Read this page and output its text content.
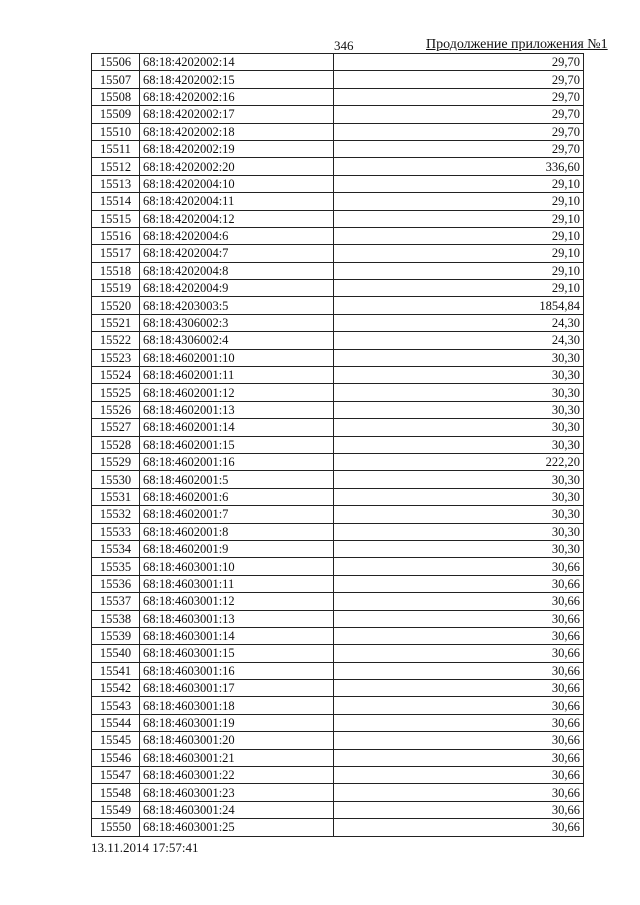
346	Продолжение приложения №1
15506	68:18:4202002:14	29,70
15507	68:18:4202002:15	29,70
15508	68:18:4202002:16	29,70
15509	68:18:4202002:17	29,70
15510	68:18:4202002:18	29,70
15511	68:18:4202002:19	29,70
15512	68:18:4202002:20	336,60
15513	68:18:4202004:10	29,10
15514	68:18:4202004:11	29,10
15515	68:18:4202004:12	29,10
15516	68:18:4202004:6	29,10
15517	68:18:4202004:7	29,10
15518	68:18:4202004:8	29,10
15519	68:18:4202004:9	29,10
15520	68:18:4203003:5	1854,84
15521	68:18:4306002:3	24,30
15522	68:18:4306002:4	24,30
15523	68:18:4602001:10	30,30
15524	68:18:4602001:11	30,30
15525	68:18:4602001:12	30,30
15526	68:18:4602001:13	30,30
15527	68:18:4602001:14	30,30
15528	68:18:4602001:15	30,30
15529	68:18:4602001:16	222,20
15530	68:18:4602001:5	30,30
15531	68:18:4602001:6	30,30
15532	68:18:4602001:7	30,30
15533	68:18:4602001:8	30,30
15534	68:18:4602001:9	30,30
15535	68:18:4603001:10	30,66
15536	68:18:4603001:11	30,66
15537	68:18:4603001:12	30,66
15538	68:18:4603001:13	30,66
15539	68:18:4603001:14	30,66
15540	68:18:4603001:15	30,66
15541	68:18:4603001:16	30,66
15542	68:18:4603001:17	30,66
15543	68:18:4603001:18	30,66
15544	68:18:4603001:19	30,66
15545	68:18:4603001:20	30,66
15546	68:18:4603001:21	30,66
15547	68:18:4603001:22	30,66
15548	68:18:4603001:23	30,66
15549	68:18:4603001:24	30,66
15550	68:18:4603001:25	30,66
13.11.2014 17:57:41
